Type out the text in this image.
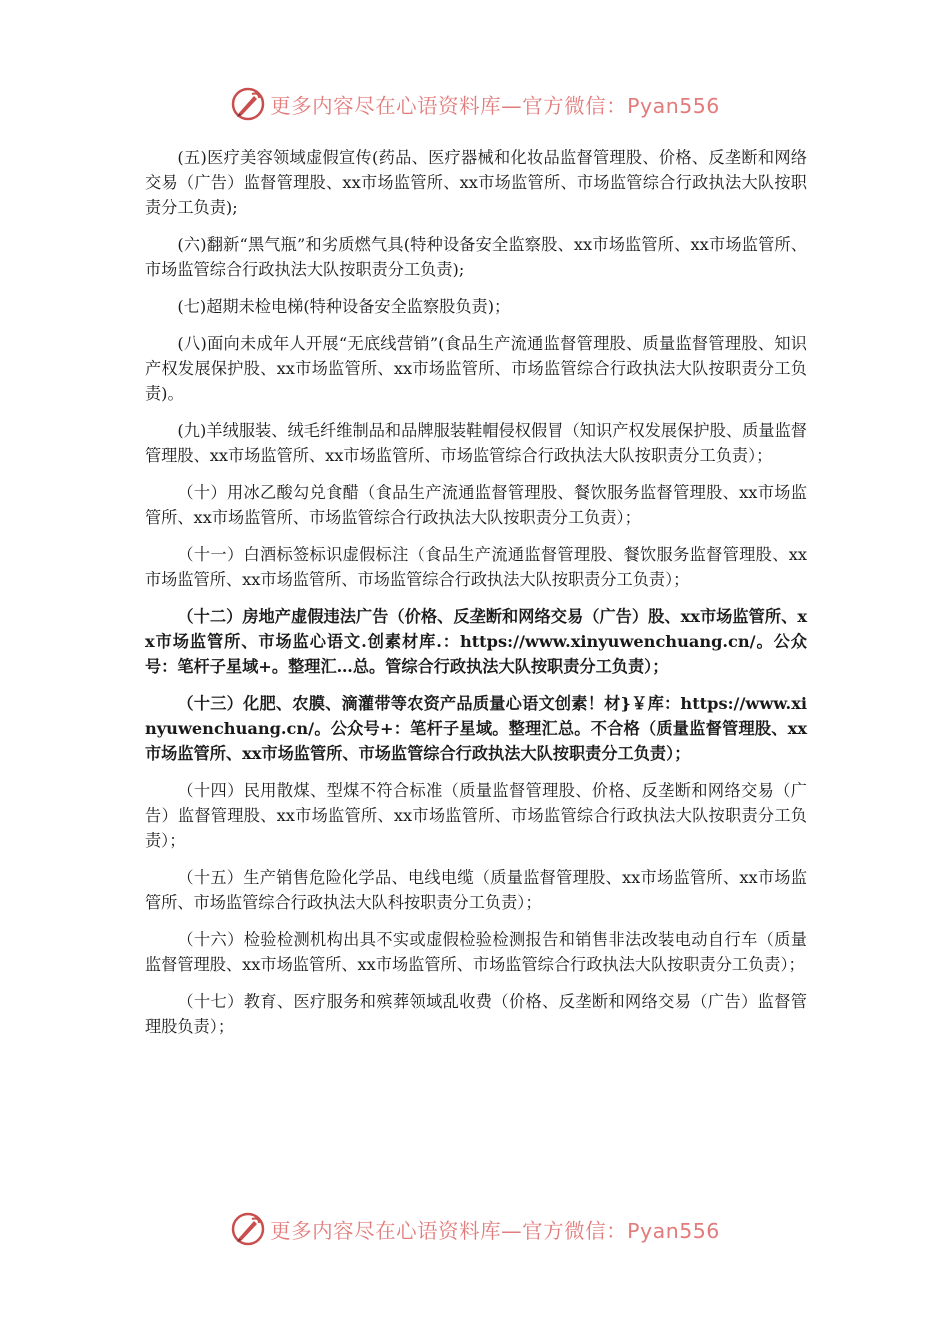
更多内容尽在心语资料库—官方微信：Pyan556

(五)医疗美容领域虚假宣传(药品、医疗器械和化妆品监督管理股、价格、反垄断和网络交易（广告）监督管理股、xx市场监管所、xx市场监管所、市场监管综合行政执法大队按职责分工负责);

(六)翻新“黑气瓶”和劣质燃气具(特种设备安全监察股、xx市场监管所、xx市场监管所、市场监管综合行政执法大队按职责分工负责);

(七)超期未检电梯(特种设备安全监察股负责)；

(八)面向未成年人开展“无底线营销”(食品生产流通监督管理股、质量监督管理股、知识产权发展保护股、xx市场监管所、xx市场监管所、市场监管综合行政执法大队按职责分工负责)。

(九)羊绒服装、绒毛纤维制品和品牌服装鞋帽侵权假冒（知识产权发展保护股、质量监督管理股、xx市场监管所、xx市场监管所、市场监管综合行政执法大队按职责分工负责）；

（十）用冰乙酸勾兑食醋（食品生产流通监督管理股、餐饮服务监督管理股、xx市场监管所、xx市场监管所、市场监管综合行政执法大队按职责分工负责）；

（十一）白酒标签标识虚假标注（食品生产流通监督管理股、餐饮服务监督管理股、xx市场监管所、xx市场监管所、市场监管综合行政执法大队按职责分工负责）；

（十二）房地产虚假违法广告（价格、反垄断和网络交易（广告）股、xx市场监管所、xx市场监管所、市场监心语文.创素材库.：https://www.xinyuwenchuang.cn/。公众号：笔杆子星域+。整理汇…总。管综合行政执法大队按职责分工负责）；

（十三）化肥、农膜、滴灌带等农资产品质量心语文创素！材}￥库：https://www.xinyuwenchuang.cn/。公众号+：笔杆子星域。整理汇总。不合格（质量监督管理股、xx市场监管所、xx市场监管所、市场监管综合行政执法大队按职责分工负责）；

（十四）民用散煤、型煤不符合标准（质量监督管理股、价格、反垄断和网络交易（广告）监督管理股、xx市场监管所、xx市场监管所、市场监管综合行政执法大队按职责分工负责）；

（十五）生产销售危险化学品、电线电缆（质量监督管理股、xx市场监管所、xx市场监管所、市场监管综合行政执法大队科按职责分工负责）；

（十六）检验检测机构出具不实或虚假检验检测报告和销售非法改装电动自行车（质量监督管理股、xx市场监管所、xx市场监管所、市场监管综合行政执法大队按职责分工负责）；

（十七）教育、医疗服务和殡葬领域乱收费（价格、反垄断和网络交易（广告）监督管理股负责）；

更多内容尽在心语资料库—官方微信：Pyan556
